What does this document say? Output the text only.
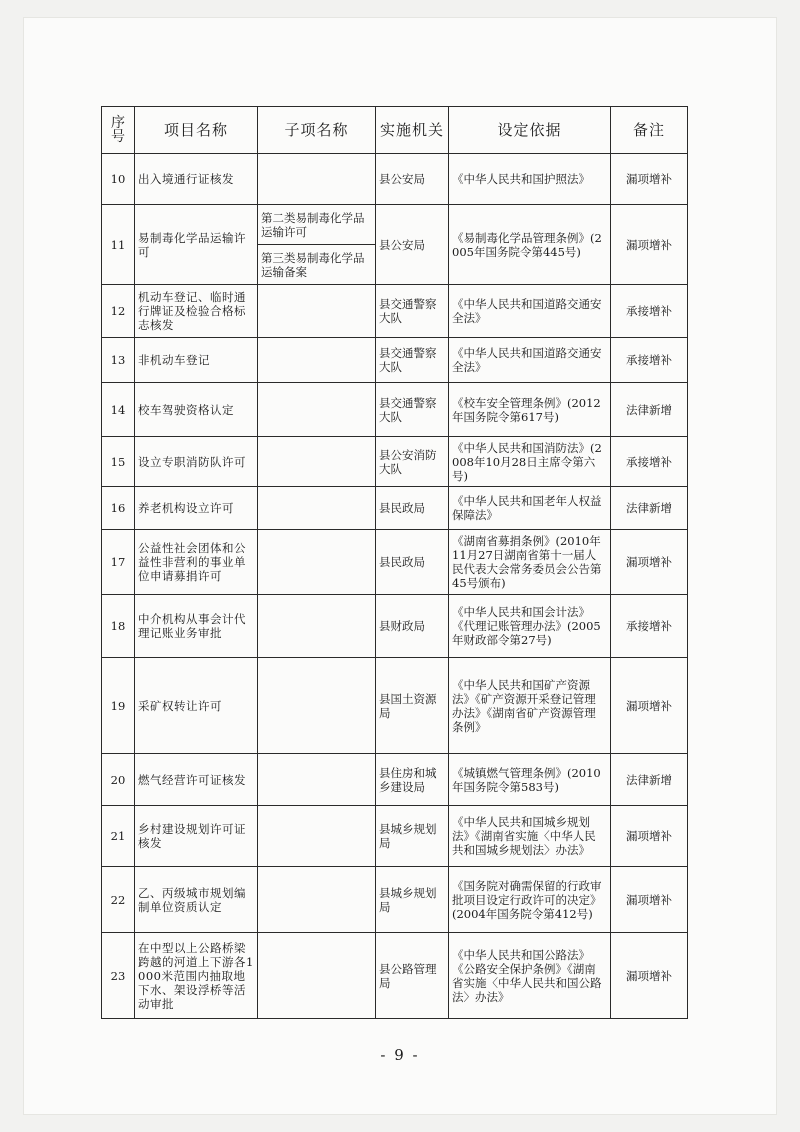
序号	项目名称	子项名称	实施机关	设定依据	备注
10	出入境通行证核发		县公安局	《中华人民共和国护照法》	漏项增补
11	易制毒化学品运输许可	第二类易制毒化学品运输许可	县公安局	《易制毒化学品管理条例》(2005年国务院令第445号)	漏项增补
		第三类易制毒化学品运输备案			
12	机动车登记、临时通行牌证及检验合格标志核发		县交通警察大队	《中华人民共和国道路交通安全法》	承接增补
13	非机动车登记		县交通警察大队	《中华人民共和国道路交通安全法》	承接增补
14	校车驾驶资格认定		县交通警察大队	《校车安全管理条例》(2012年国务院令第617号)	法律新增
15	设立专职消防队许可		县公安消防大队	《中华人民共和国消防法》(2008年10月28日主席令第六号)	承接增补
16	养老机构设立许可		县民政局	《中华人民共和国老年人权益保障法》	法律新增
17	公益性社会团体和公益性非营利的事业单位申请募捐许可		县民政局	《湖南省募捐条例》(2010年11月27日湖南省第十一届人民代表大会常务委员会公告第45号颁布)	漏项增补
18	中介机构从事会计代理记账业务审批		县财政局	《中华人民共和国会计法》《代理记账管理办法》(2005年财政部令第27号)	承接增补
19	采矿权转让许可		县国土资源局	《中华人民共和国矿产资源法》《矿产资源开采登记管理办法》《湖南省矿产资源管理条例》	漏项增补
20	燃气经营许可证核发		县住房和城乡建设局	《城镇燃气管理条例》(2010年国务院令第583号)	法律新增
21	乡村建设规划许可证核发		县城乡规划局	《中华人民共和国城乡规划法》《湖南省实施〈中华人民共和国城乡规划法〉办法》	漏项增补
22	乙、丙级城市规划编制单位资质认定		县城乡规划局	《国务院对确需保留的行政审批项目设定行政许可的决定》(2004年国务院令第412号)	漏项增补
23	在中型以上公路桥梁跨越的河道上下游各1000米范围内抽取地下水、架设浮桥等活动审批		县公路管理局	《中华人民共和国公路法》《公路安全保护条例》《湖南省实施〈中华人民共和国公路法〉办法》	漏项增补
- 9 -
